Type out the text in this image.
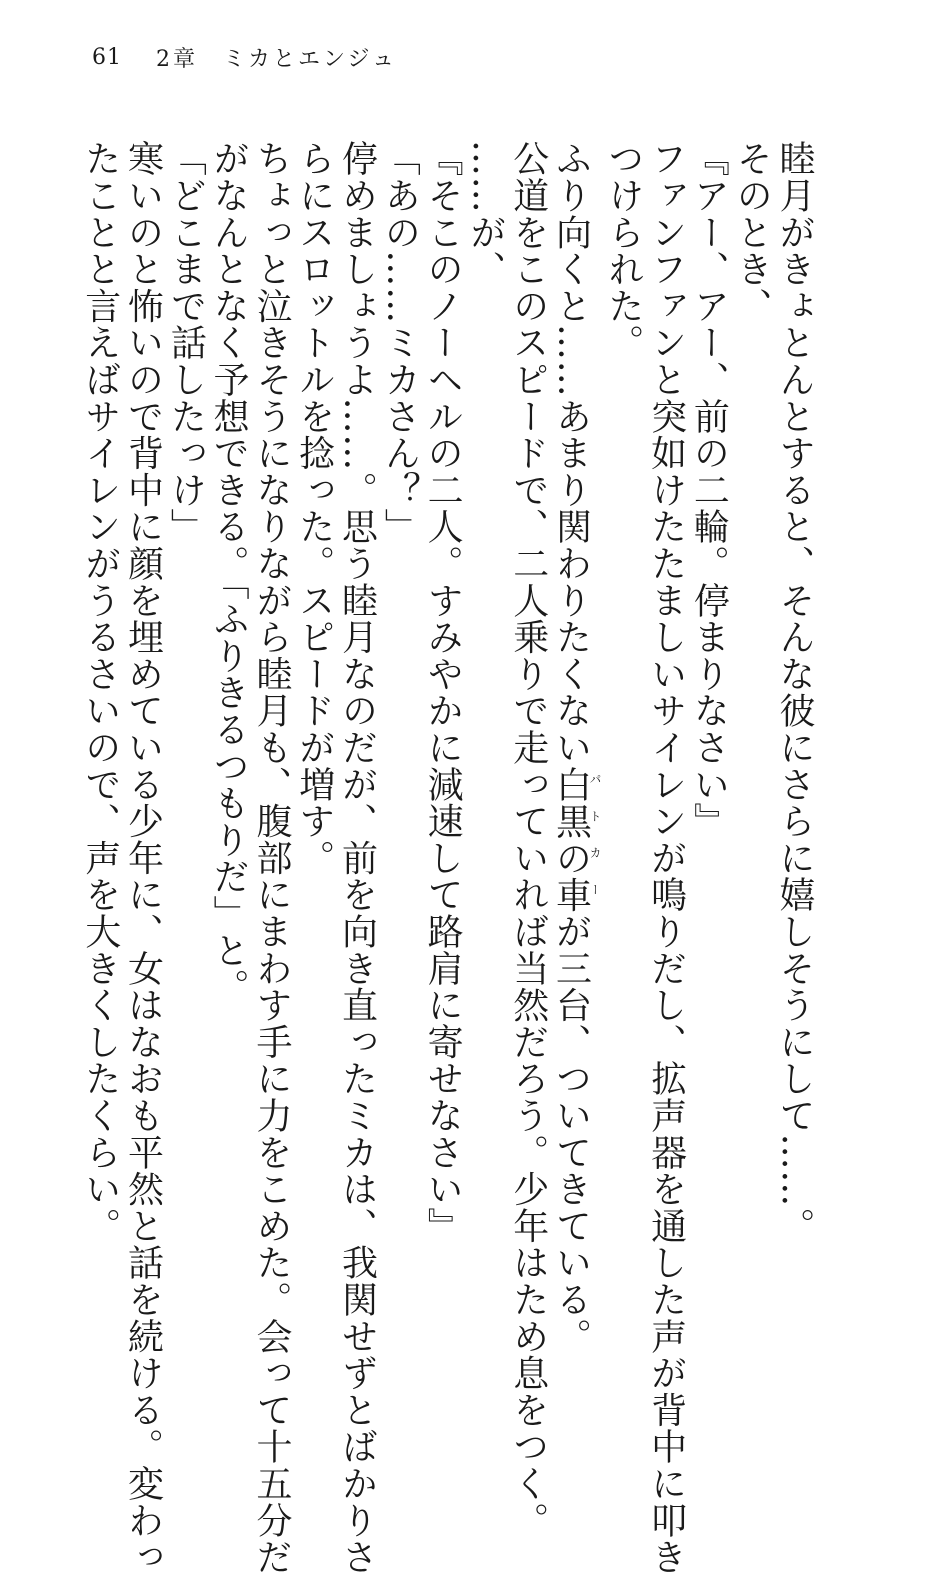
61 2章　ミカとエンジュ

睦月がきょとんとすると、そんな彼にさらに嬉しそうにして……。

そのとき、

『アー、アー、前の二輪。停まりなさい』

ファンファンと突如けたたましいサイレンが鳴りだし、拡声器を通した声が背中に叩き

つけられた。

ふり向くと……あまり関わりたくない白黒の車パトカーが三台、ついてきている。

公道をこのスピードで、二人乗りで走っていれば当然だろう。少年はため息をつく。

……が、

『そこのノーヘルの二人。すみやかに減速して路肩に寄せなさい』

「あの……ミカさん？」

停めましょうよ……。思う睦月なのだが、前を向き直ったミカは、我関せずとばかりさ

らにスロットルを捻った。スピードが増す。

ちょっと泣きそうになりながら睦月も、腹部にまわす手に力をこめた。会って十五分だ

がなんとなく予想できる。「ふりきるつもりだ」と。

「どこまで話したっけ」

寒いのと怖いので背中に顔を埋めている少年に、女はなおも平然と話を続ける。変わっ

たことと言えばサイレンがうるさいので、声を大きくしたくらい。
